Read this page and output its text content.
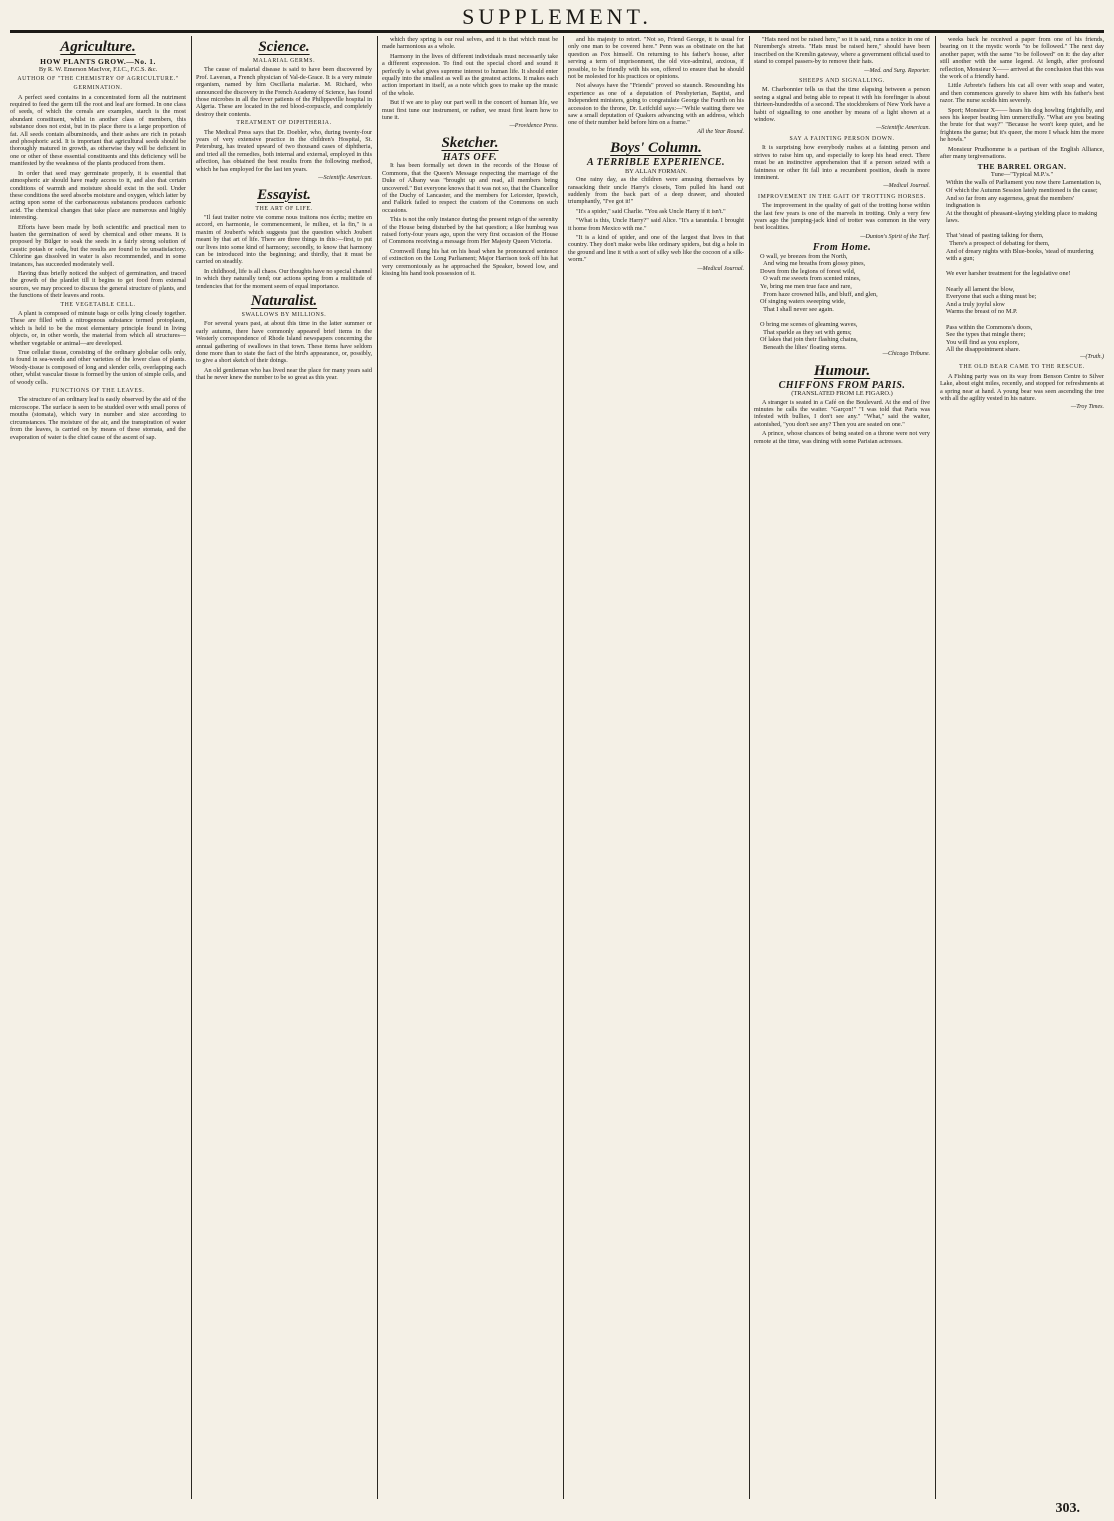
SUPPLEMENT.
Agriculture.
HOW PLANTS GROW.—No. 1.
By R. W. Emerson MacIvor, F.I.C., F.C.S. &c.
AUTHOR OF "THE CHEMISTRY OF AGRICULTURE."
GERMINATION.

A perfect seed contains in a concentrated form all the nutriment required to feed the germ till the root and leaf are formed. In one class of seeds, of which the cereals are examples, starch is the most abundant constituent, whilst in another class of members, this substance does not exist, but in its place there is a large proportion of fat. All seeds contain albuminoids, and their ashes are rich in potash and phosphoric acid. It is important that agricultural seeds should be thoroughly matured in growth, as otherwise they will be deficient in one or other of these essential constituents and this deficiency will be manifested by the weakness of the plants produced from them.

In order that seed may germinate properly, it is essential that atmospheric air should have ready access to it, and also that certain conditions of warmth and moisture should exist in the soil. Under these conditions the seed absorbs moisture and oxygen, which latter by acting upon some of the carbonaceous substances produces carbonic acid. The chemical changes that take place are numerous and highly interesting.

Efforts have been made by both scientific and practical men to hasten the germination of seed by chemical and other means. It is proposed by Bülger to soak the seeds in a fairly strong solution of caustic potash or soda, but the results are found to be unsatisfactory. Chlorine gas dissolved in water is also recommended, and in some instances, has succeeded moderately well.

Having thus briefly noticed the subject of germination, and traced the growth of the plantlet till it begins to get food from external sources, we may proceed to discuss the general structure of plants, and the functions of their leaves and roots.

THE VEGETABLE CELL.

A plant is composed of minute bags or cells lying closely together. These are filled with a nitrogenous substance termed protoplasm, which is held to be the most elementary principle found in living objects, or, in other words, the material from which all structures—whether vegetable or animal—are developed.

True cellular tissue, consisting of the ordinary globular cells only, is found in sea-weeds and other varieties of the lower class of plants. Woody-tissue is composed of long and slender cells, overlapping each other, whilst vascular tissue is formed by the union of simple cells, and of woody cells.

FUNCTIONS OF THE LEAVES.

The structure of an ordinary leaf is easily observed by the aid of the microscope. The surface is seen to be studded over with small pores of mouths (stomata), which vary in number and size according to circumstances. The moisture of the air, and the transpiration of water from the leaves, is carried on by means of these stomata, and the evaporation of water is the chief cause of the ascent of sap.

Science.
MALARIAL GERMS.

The cause of malarial disease is said to have been discovered by Prof. Laveran, a French physician of Val-de-Grace. It is a very minute organism, named by him Oscillaria malariæ. M. Richard, who announced the discovery in the French Academy of Science, has found those microbes in all the fever patients of the Philippeville hospital in Algeria. These are located in the red blood-corpuscle, and completely destroy their contents.

TREATMENT OF DIPHTHERIA.

The Medical Press says that Dr. Doebler, who, during twenty-four years of very extensive practice in the children's Hospital, St. Petersburg, has treated upward of two thousand cases of diphtheria, and tried all the remedies, both internal and external, employed in this affection, has obtained the best results from the following method, which he has employed for the last ten years.

—Scientific American.
Essayist.
THE ART OF LIFE.

"Il faut traiter notre vie comme nous traitons nos écrits; mettre en accord, en harmonie, le commencement, le milieu, et la fin," is a maxim of Joubert's which suggests just the question which Joubert meant by that art of life. There are three things in this:—first, to put our lives into some kind of harmony; secondly, to know that harmony can be introduced into the beginning; and thirdly, that it must be carried on steadily.

In childhood, life is all chaos. Our thoughts have no special channel in which they naturally tend; our actions spring from a multitude of tendencies that for the moment seem of equal importance.

Naturalist.
SWALLOWS BY MILLIONS.

For several years past, at about this time in the latter summer or early autumn, there have commonly appeared brief items in the Westerly correspondence of Rhode Island newspapers concerning the annual gathering of swallows in that town. These items have seldom done more than to state the fact of the bird's appearance, or, possibly, to give a short sketch of their doings.

An old gentleman who has lived near the place for many years said that he never knew the number to be so great as this year.

which they spring is our real selves, and it is that which must be made harmonious as a whole.

Harmony in the lives of different individuals must necessarily take a different expression. To find out the special chord and sound it perfectly is what gives supreme interest to human life. It should enter equally into the smallest as well as the greatest actions. It makes each action important in itself, as a note which goes to make up the music of the whole.

But if we are to play our part well in the concert of human life, we must first tune our instrument, or rather, we must first learn how to tune it.

—Providence Press.
Sketcher.
HATS OFF.

It has been formally set down in the records of the House of Commons, that the Queen's Message respecting the marriage of the Duke of Albany was "brought up and read, all members being uncovered." But everyone knows that it was not so, that the Chancellor of the Duchy of Lancaster, and the members for Leicester, Ipswich, and Falkirk failed to respect the custom of the Commons on such occasions.

This is not the only instance during the present reign of the serenity of the House being disturbed by the hat question; a like humbug was raised forty-four years ago, upon the very first occasion of the House of Commons receiving a message from Her Majesty Queen Victoria.

Cromwell flung his hat on his head when he pronounced sentence of extinction on the Long Parliament; Major Harrison took off his hat very ceremoniously as he approached the Speaker, bowed low, and kissing his hand took possession of it.

and his majesty to retort. "Not so, Friend George, it is usual for only one man to be covered here." Penn was as obstinate on the hat question as Fox himself. On returning to his father's house, after serving a term of imprisonment, the old vice-admiral, anxious, if possible, to be friendly with his son, offered to ensure that he should not be molested for his practices or opinions.

Not always have the "Friends" proved so staunch. Resounding his experience as one of a deputation of Presbyterian, Baptist, and Independent ministers, going to congratulate George the Fourth on his accession to the throne, Dr. Leifchild says:—"While waiting there we saw a small deputation of Quakers advancing with an address, which one of their number held before him on a frame."

All the Year Round.
Boys' Column.
A TERRIBLE EXPERIENCE.
BY ALLAN FORMAN.

One rainy day, as the children were amusing themselves by ransacking their uncle Harry's closets, Tom pulled his hand out suddenly from the back part of a deep drawer, and shouted triumphantly, "I've got it!"

"It's a spider," said Charlie. "You ask Uncle Harry if it isn't."

"What is this, Uncle Harry?" said Alice. "It's a tarantula. I brought it home from Mexico with me."

"It is a kind of spider, and one of the largest that lives in that country. They don't make webs like ordinary spiders, but dig a hole in the ground and line it with a sort of silky web like the cocoon of a silk-worm."

—Medical Journal.

"Hats need not be raised here," so it is said, runs a notice in one of Nuremberg's streets. "Hats must be raised here," should have been inscribed on the Kremlin gateway, where a government official used to stand to compel passers-by to remove their hats.

—Med. and Surg. Reporter.
SHEEPS AND SIGNALLING.

M. Charbonnier tells us that the time elapsing between a person seeing a signal and being able to repeat it with his forefinger is about thirteen-hundredths of a second. The stockbrokers of New York have a habit of signalling to one another by means of a light shown at a window.

—Scientific American.
SAY A FAINTING PERSON DOWN.

It is surprising how everybody rushes at a fainting person and strives to raise him up, and especially to keep his head erect. There must be an instinctive apprehension that if a person seized with a faintness or other fit fall into a recumbent position, death is more imminent.

—Medical Journal.
IMPROVEMENT IN THE GAIT OF TROTTING HORSES.

The improvement in the quality of gait of the trotting horse within the last few years is one of the marvels in trotting. Only a very few years ago the jumping-jack kind of trotter was common in the very best localities.

—Dunton's Spirit of the Turf.
From Home.
O wall, ye breezes from the North,
And wing me breaths from glossy pines,
Down from the legions of forest wild,
O waft me sweets from scented mines,
Ye, bring me men true face and rare,
From haze crowned hills, and bluff, and glen,
Of singing waters sweeping wide,
That I shall never see again.

O bring me scenes of gleaming waves,
That sparkle as they set with gems;
Of lakes that join their flashing chains,
Beneath the lilies' floating stems.
—Chicago Tribune.
Humour.
CHIFFONS FROM PARIS.
(TRANSLATED FROM LE FIGARO.)

A stranger is seated in a Café on the Boulevard. At the end of five minutes he calls the waiter. "Garçon!" "I was told that Paris was infested with bullies, I don't see any." "What," said the waiter, astonished, "you don't see any? Then you are seated on one."

A prince, whose chances of being seated on a throne were not very remote at the time, was dining with some Parisian actresses.

weeks back he received a paper from one of his friends, bearing on it the mystic words "to be followed." The next day another paper, with the same "to be followed" on it: the day after still another with the same legend. At length, after profound reflection, Monsieur X—— arrived at the conclusion that this was the work of a friendly hand.

Little Arbrete's fathers his cat all over with soap and water, and then commences gravely to shave him with his father's best razor. The nurse scolds him severely.

Sport; Monsieur X—— hears his dog howling frightfully, and sees his keeper beating him unmercifully. "What are you beating the brute for that way?" "Because he won't keep quiet, and he frightens the game; but it's queer, the more I whack him the more he howls."

Monsieur Prudhomme is a partisan of the English Alliance, after many tergiversations.

THE BARREL ORGAN.
Tune—"Typical M.P.'s."
Within the walls of Parliament you now there Lamentation is,
Of which the Autumn Session lately mentioned is the cause;
And so far from any eagerness, great the members' indignation is
At the thought of pheasant-slaying yielding place to making laws.

That 'stead of pasting talking for them,
There's a prospect of debating for them,
And of dreary nights with Blue-books, 'stead of murdering with a gun;

We ever harsher treatment for the legislative one!

Nearly all lament the blow,
Everyone that such a thing must be;
And a truly joyful slow
Warms the breast of no M.P.

Pass within the Commons's doors,
See the types that mingle there;
You will find as you explore,
All the disappointment share.
—(Truth.)
THE OLD BEAR CAME TO THE RESCUE.

A Fishing party was on its way from Benson Centre to Silver Lake, about eight miles, recently, and stopped for refreshments at a spring near at hand. A young bear was seen ascending the tree with all the agility vested in his nature.

—Troy Times.
303.
